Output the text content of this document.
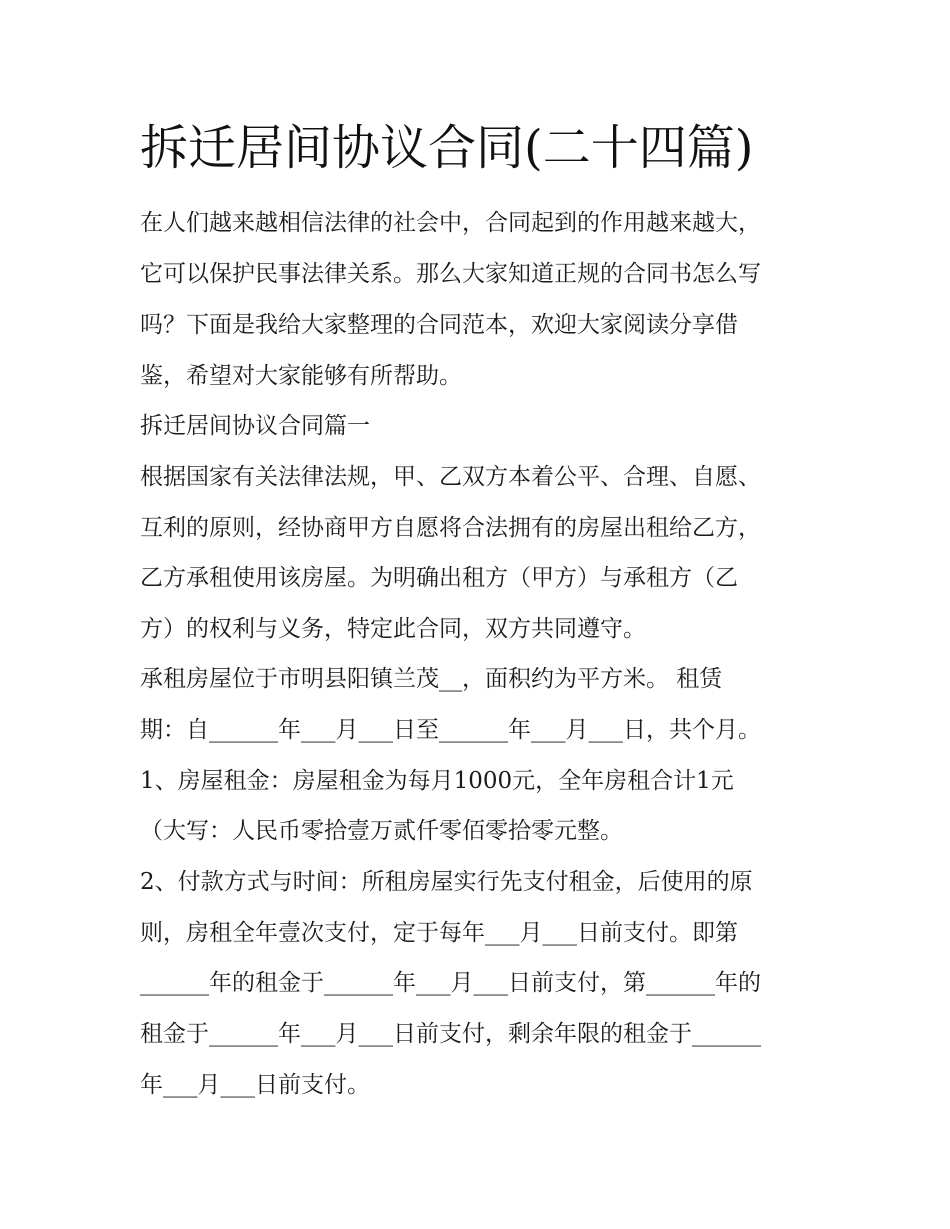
拆迁居间协议合同(二十四篇)

在人们越来越相信法律的社会中，合同起到的作用越来越大，

它可以保护民事法律关系。那么大家知道正规的合同书怎么写

吗？下面是我给大家整理的合同范本，欢迎大家阅读分享借

鉴，希望对大家能够有所帮助。

拆迁居间协议合同篇一

根据国家有关法律法规，甲、乙双方本着公平、合理、自愿、

互利的原则，经协商甲方自愿将合法拥有的房屋出租给乙方，

乙方承租使用该房屋。为明确出租方（甲方）与承租方（乙

方）的权利与义务，特定此合同，双方共同遵守。

承租房屋位于市明县阳镇兰茂__，面积约为平方米。 租赁

期：自______年___月___日至______年___月___日，共个月。

1、房屋租金：房屋租金为每月1000元，全年房租合计1元

（大写：人民币零拾壹万贰仟零佰零拾零元整。

2、付款方式与时间：所租房屋实行先支付租金，后使用的原

则，房租全年壹次支付，定于每年___月___日前支付。即第

______年的租金于______年___月___日前支付，第______年的

租金于______年___月___日前支付，剩余年限的租金于______

年___月___日前支付。
